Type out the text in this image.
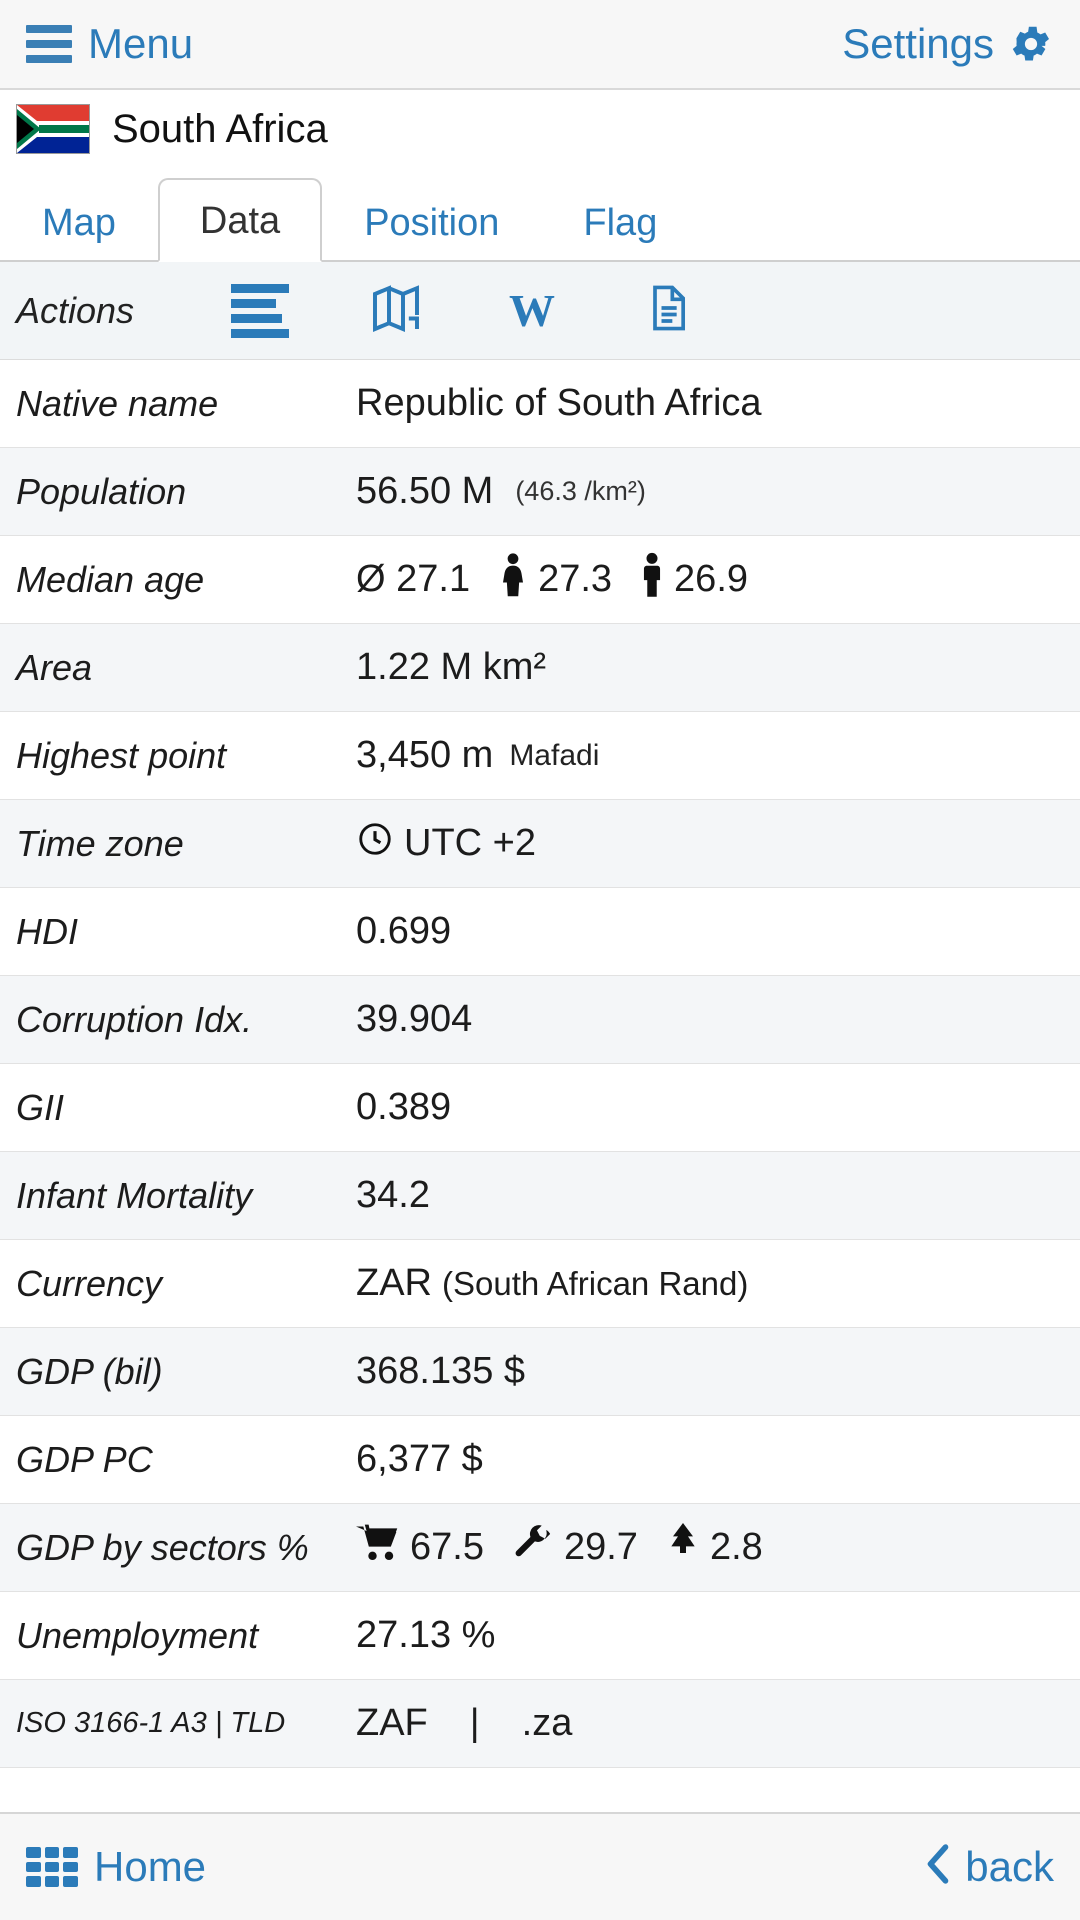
Menu	Settings
South Africa
Map	Data	Position	Flag
Actions	W
Native name	Republic of South Africa
Population	56.50 M (46.3 /km²)
Median age	Ø 27.1 27.3 26.9
Area	1.22 M km²
Highest point	3,450 m Mafadi
Time zone	UTC +2
HDI	0.699
Corruption Idx.	39.904
GII	0.389
Infant Mortality	34.2
Currency	ZAR (South African Rand)
GDP (bil)	368.135 $
GDP PC	6,377 $
GDP by sectors %	67.5 29.7 2.8
Unemployment	27.13 %
ISO 3166-1 A3 | TLD	ZAF | .za
Home	back
